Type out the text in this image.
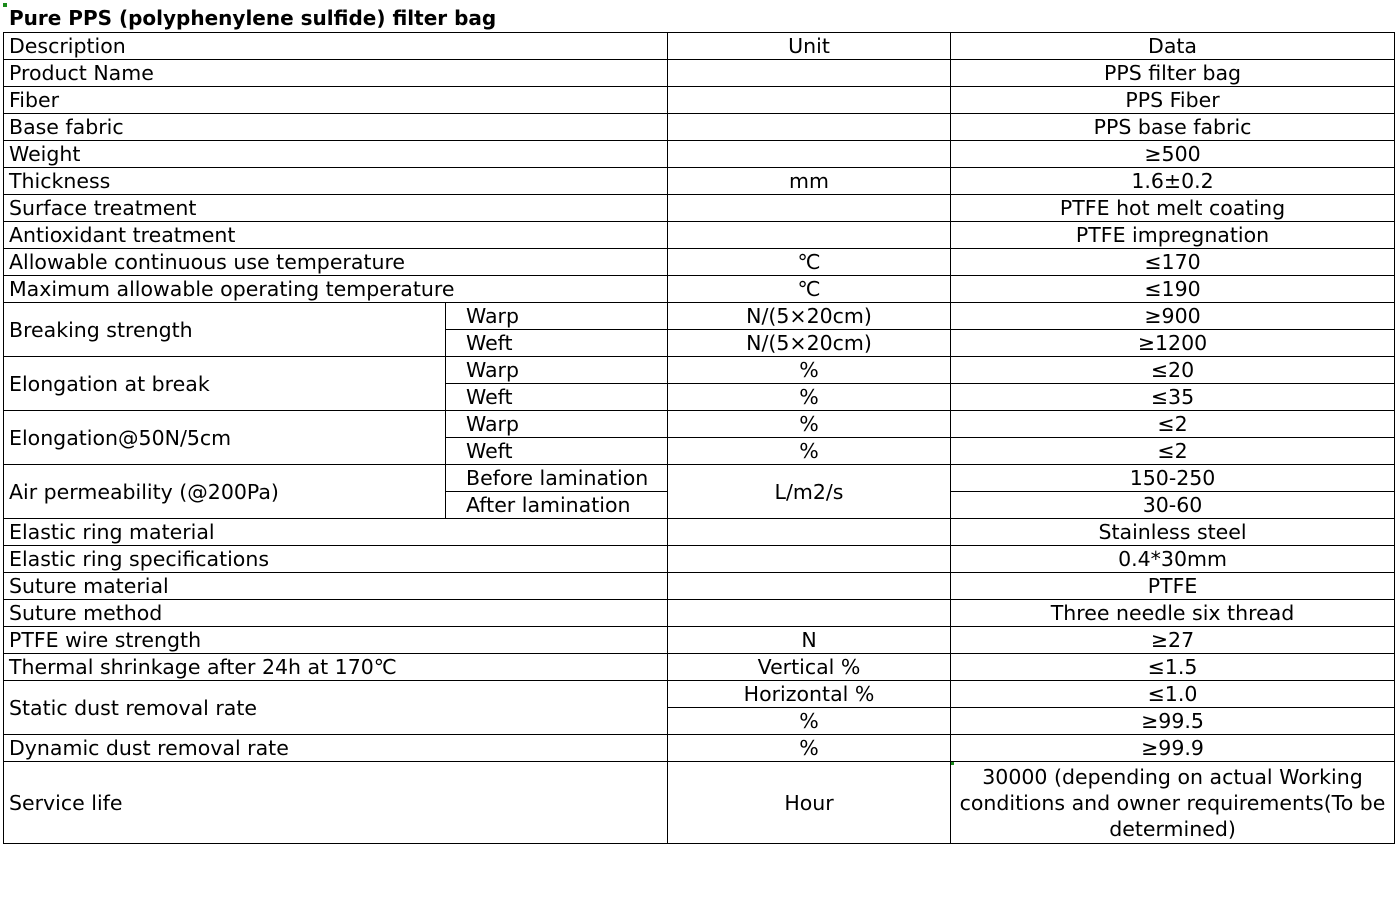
Pure PPS (polyphenylene sulfide) filter bag
Description		Unit	Data
Product Name			PPS filter bag
Fiber			PPS Fiber
Base fabric			PPS base fabric
Weight			≥500
Thickness		mm	1.6±0.2
Surface treatment			PTFE hot melt coating
Antioxidant treatment			PTFE impregnation
Allowable continuous use temperature		℃	≤170
Maximum allowable operating temperature		℃	≤190
Breaking strength	Warp	N/(5×20cm)	≥900
	Weft	N/(5×20cm)	≥1200
Elongation at break	Warp	%	≤20
	Weft	%	≤35
Elongation@50N/5cm	Warp	%	≤2
	Weft	%	≤2
Air permeability (@200Pa)	Before lamination	L/m2/s	150-250
	After lamination		30-60
Elastic ring material			Stainless steel
Elastic ring specifications			0.4*30mm
Suture material			PTFE
Suture method			Three needle six thread
PTFE wire strength		N	≥27
Thermal shrinkage after 24h at 170℃		Vertical %	≤1.5
Static dust removal rate		Horizontal %	≤1.0
		%	≥99.5
Dynamic dust removal rate		%	≥99.9
Service life		Hour	30000 (depending on actual Working conditions and owner requirements(To be determined)
